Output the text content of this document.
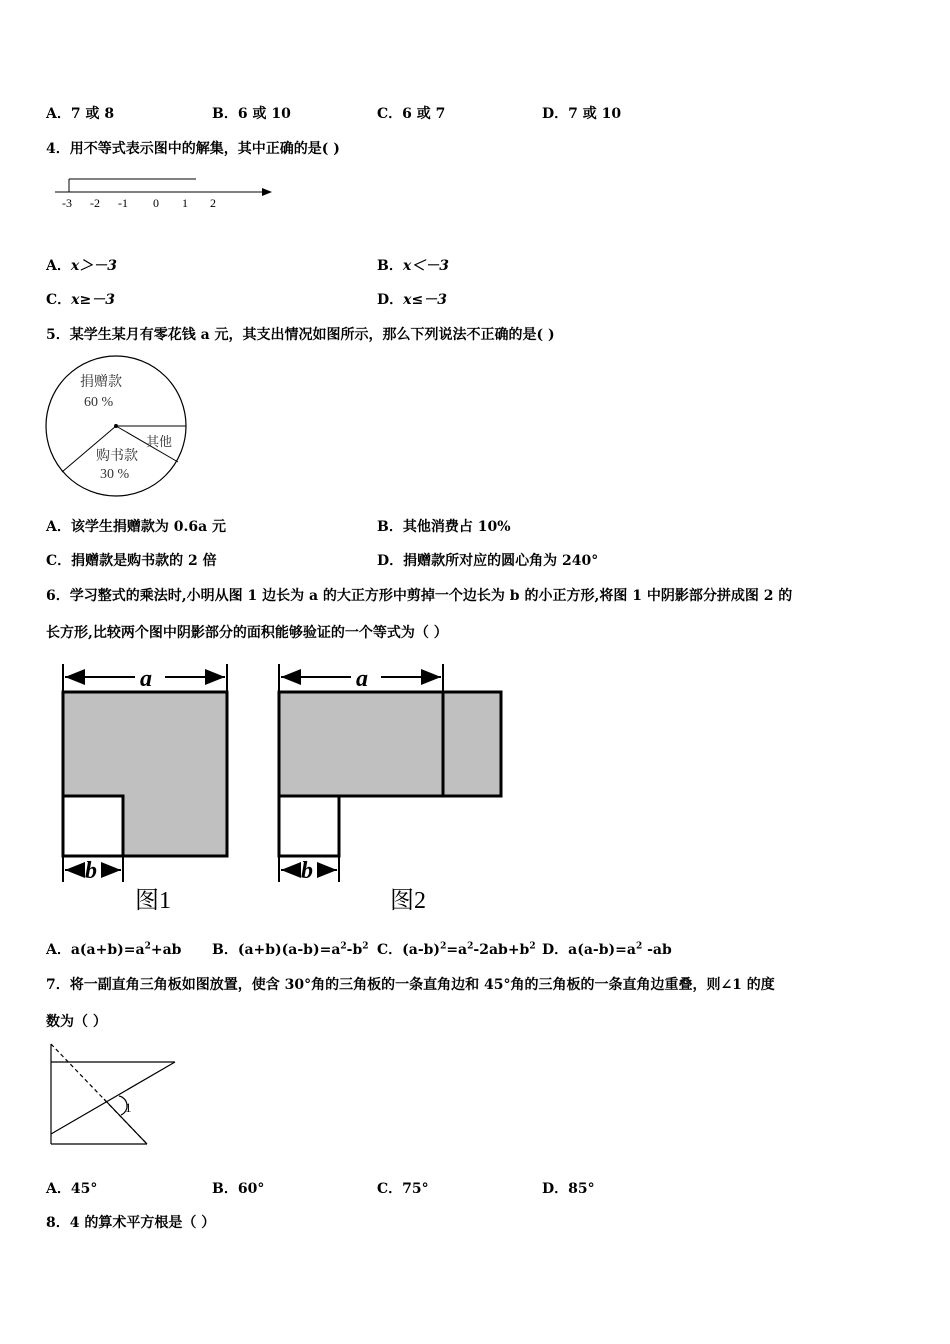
A．7 或 8	B．6 或 10	C．6 或 7	D．7 或 10
4．用不等式表示图中的解集，其中正确的是( )
-3 -2 -1 0 1 2
A．x＞－3	B．x＜－3
C．x≥－3	D．x≤－3
5．某学生某月有零花钱 a 元，其支出情况如图所示，那么下列说法不正确的是( )
捐赠款
60 %
其他
购书款
30 %
A．该学生捐赠款为 0.6a 元	B．其他消费占 10%
C．捐赠款是购书款的 2 倍	D．捐赠款所对应的圆心角为 240°
6．学习整式的乘法时,小明从图 1 边长为 a 的大正方形中剪掉一个边长为 b 的小正方形,将图 1 中阴影部分拼成图 2 的
长方形,比较两个图中阴影部分的面积能够验证的一个等式为（ ）
a
b
图1
a
b
图2
A．$a(a+b)=a^2+ab$ B．$(a+b)(a-b)=a^2-b^2$ C．$(a-b)^2=a^2-2ab+b^2$ D．$a(a-b)=a^2$ -ab
7．将一副直角三角板如图放置，使含 30°角的三角板的一条直角边和 45°角的三角板的一条直角边重叠，则∠1 的度
数为（ ）
1
A．45°	B．60°	C．75°	D．85°
8．4 的算术平方根是（ ）
